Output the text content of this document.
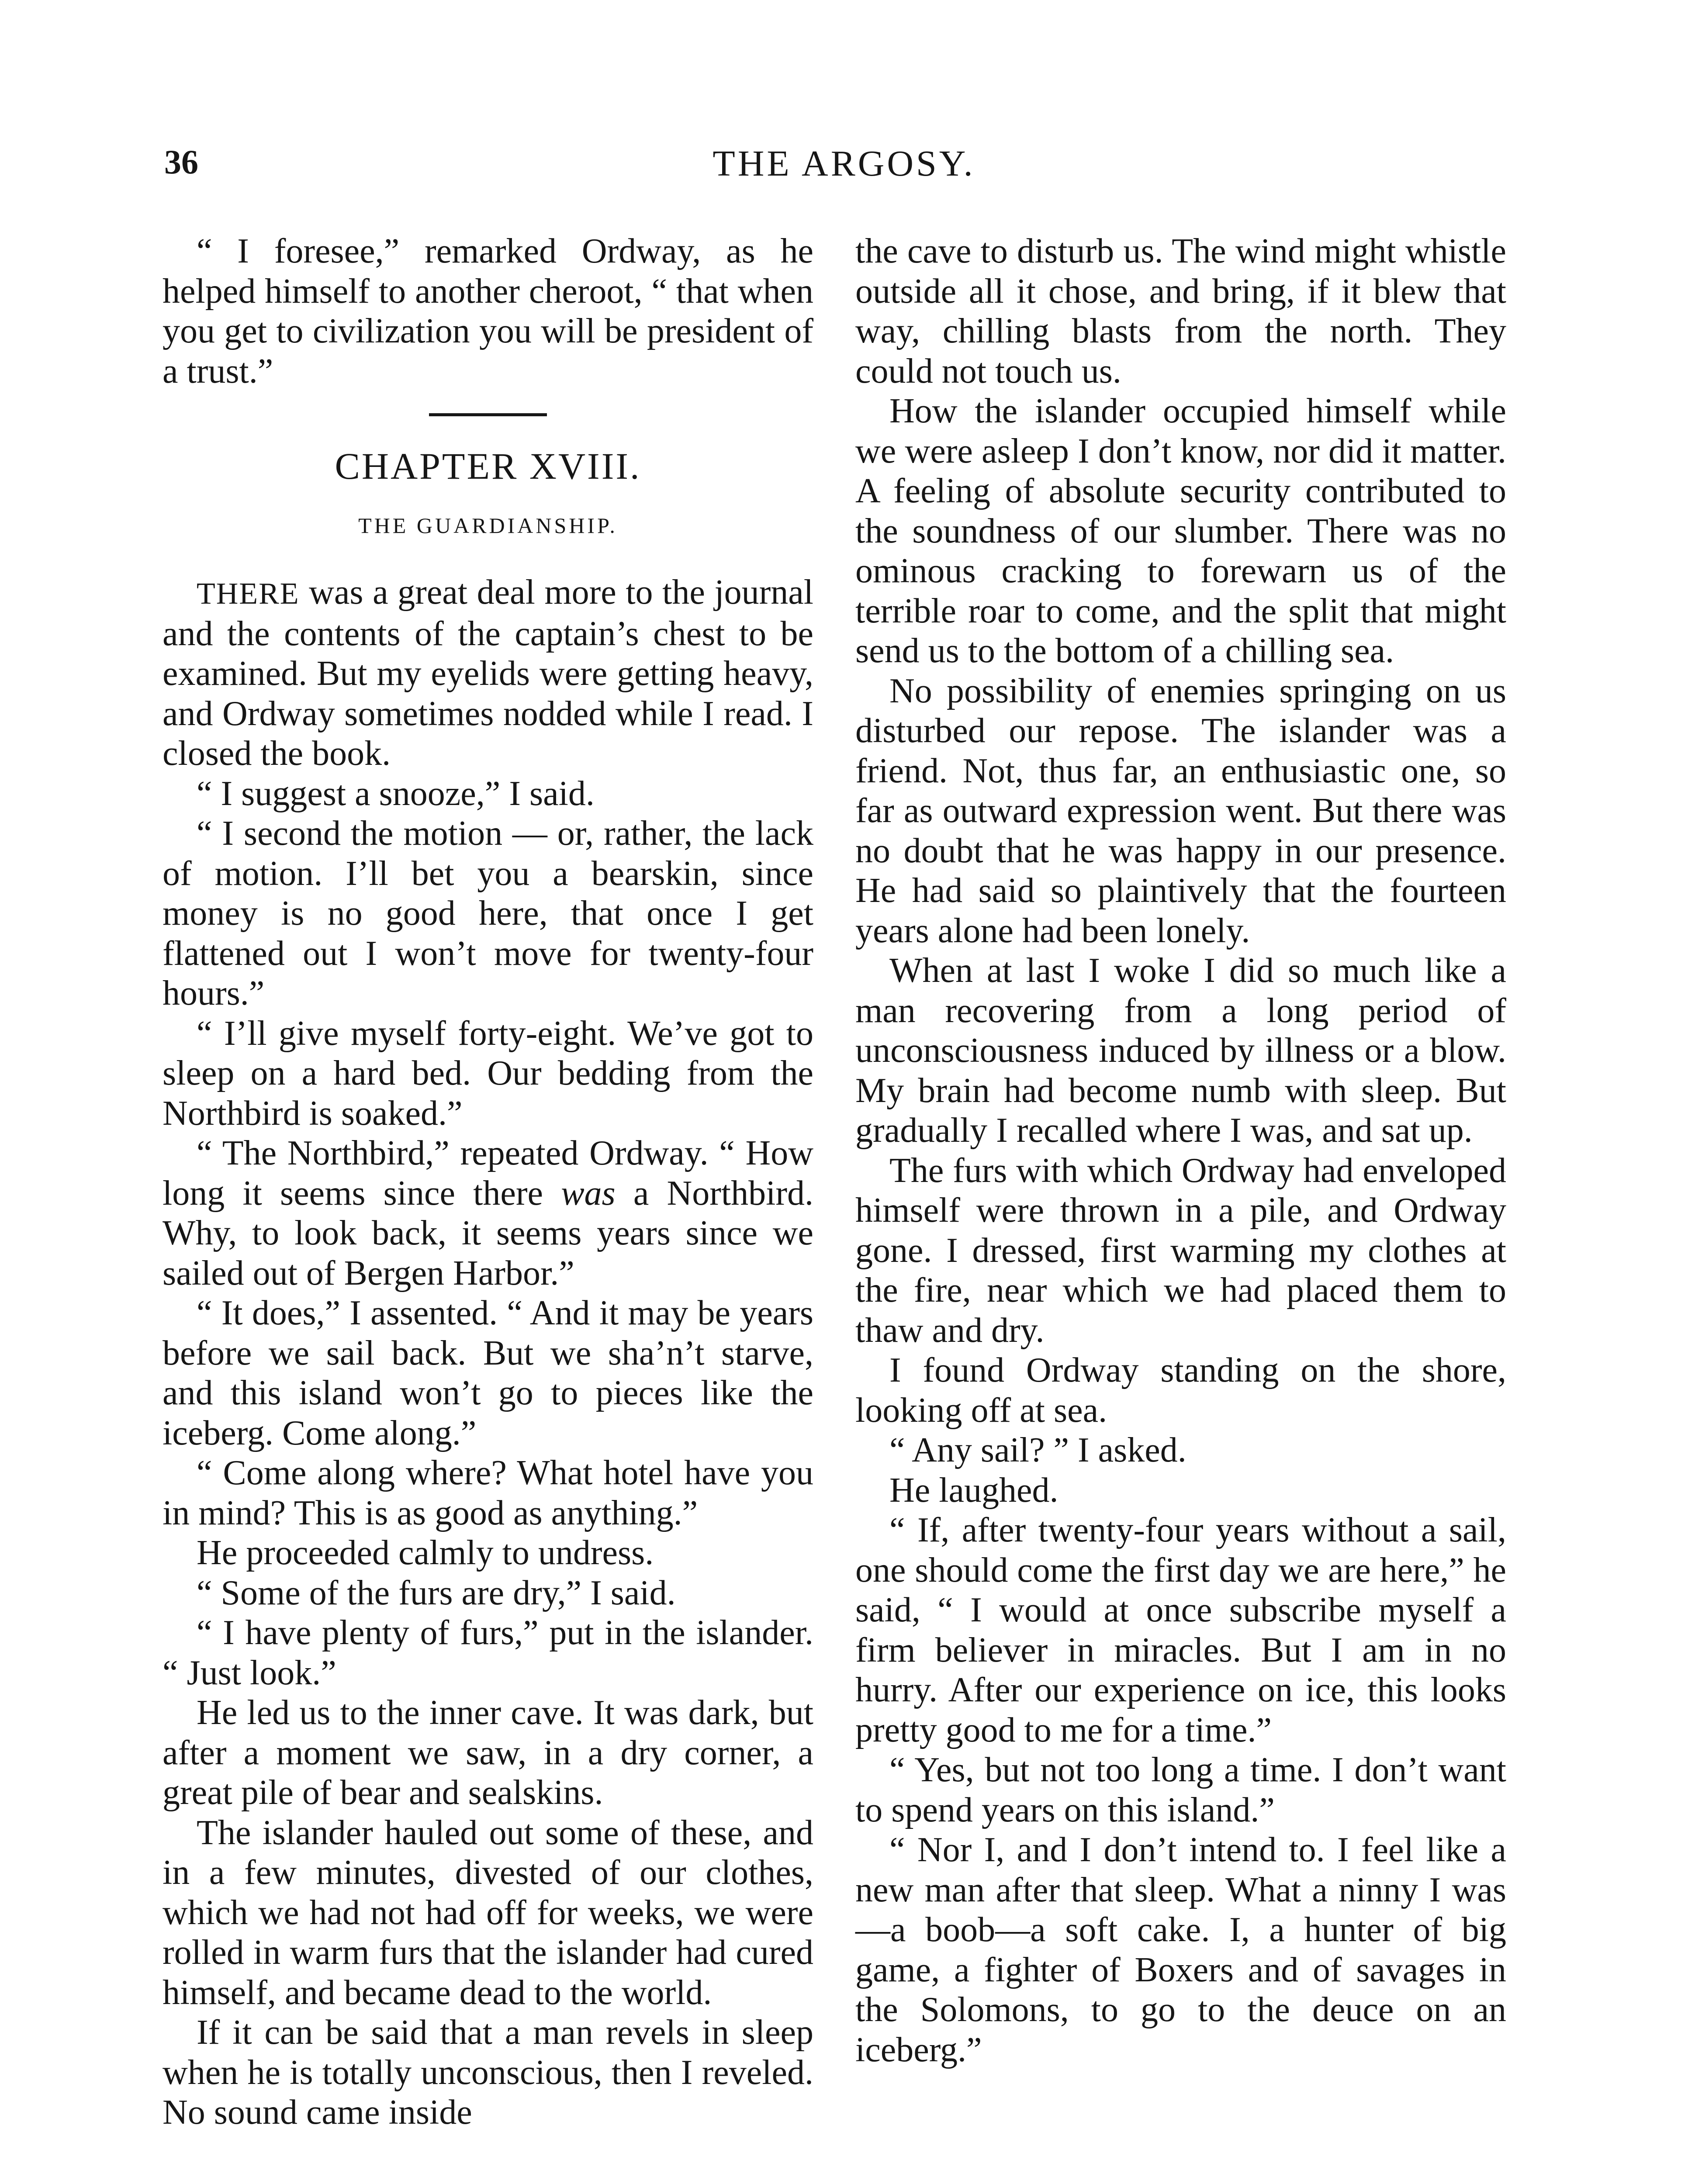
36	THE ARGOSY.

“ I foresee,” remarked Ordway, as he helped himself to another cheroot, “ that when you get to civilization you will be president of a trust.”

CHAPTER XVIII.
THE GUARDIANSHIP.

THERE was a great deal more to the journal and the contents of the captain’s chest to be examined. But my eyelids were getting heavy, and Ordway sometimes nodded while I read. I closed the book.

“ I suggest a snooze,” I said.

“ I second the motion — or, rather, the lack of motion. I’ll bet you a bearskin, since money is no good here, that once I get flattened out I won’t move for twenty-four hours.”

“ I’ll give myself forty-eight. We’ve got to sleep on a hard bed. Our bedding from the Northbird is soaked.”

“ The Northbird,” repeated Ordway. “ How long it seems since there was a Northbird. Why, to look back, it seems years since we sailed out of Bergen Harbor.”

“ It does,” I assented. “ And it may be years before we sail back. But we sha’n’t starve, and this island won’t go to pieces like the iceberg. Come along.”

“ Come along where? What hotel have you in mind? This is as good as anything.”

He proceeded calmly to undress.

“ Some of the furs are dry,” I said.

“ I have plenty of furs,” put in the islander. “ Just look.”

He led us to the inner cave. It was dark, but after a moment we saw, in a dry corner, a great pile of bear and sealskins.

The islander hauled out some of these, and in a few minutes, divested of our clothes, which we had not had off for weeks, we were rolled in warm furs that the islander had cured himself, and became dead to the world.

If it can be said that a man revels in sleep when he is totally unconscious, then I reveled. No sound came inside

the cave to disturb us. The wind might whistle outside all it chose, and bring, if it blew that way, chilling blasts from the north. They could not touch us.

How the islander occupied himself while we were asleep I don’t know, nor did it matter. A feeling of absolute security contributed to the soundness of our slumber. There was no ominous cracking to forewarn us of the terrible roar to come, and the split that might send us to the bottom of a chilling sea.

No possibility of enemies springing on us disturbed our repose. The islander was a friend. Not, thus far, an enthusiastic one, so far as outward expression went. But there was no doubt that he was happy in our presence. He had said so plaintively that the fourteen years alone had been lonely.

When at last I woke I did so much like a man recovering from a long period of unconsciousness induced by illness or a blow. My brain had become numb with sleep. But gradually I recalled where I was, and sat up.

The furs with which Ordway had enveloped himself were thrown in a pile, and Ordway gone. I dressed, first warming my clothes at the fire, near which we had placed them to thaw and dry.

I found Ordway standing on the shore, looking off at sea.

“ Any sail? ” I asked.

He laughed.

“ If, after twenty-four years without a sail, one should come the first day we are here,” he said, “ I would at once subscribe myself a firm believer in miracles. But I am in no hurry. After our experience on ice, this looks pretty good to me for a time.”

“ Yes, but not too long a time. I don’t want to spend years on this island.”

“ Nor I, and I don’t intend to. I feel like a new man after that sleep. What a ninny I was—a boob—a soft cake. I, a hunter of big game, a fighter of Boxers and of savages in the Solomons, to go to the deuce on an iceberg.”
